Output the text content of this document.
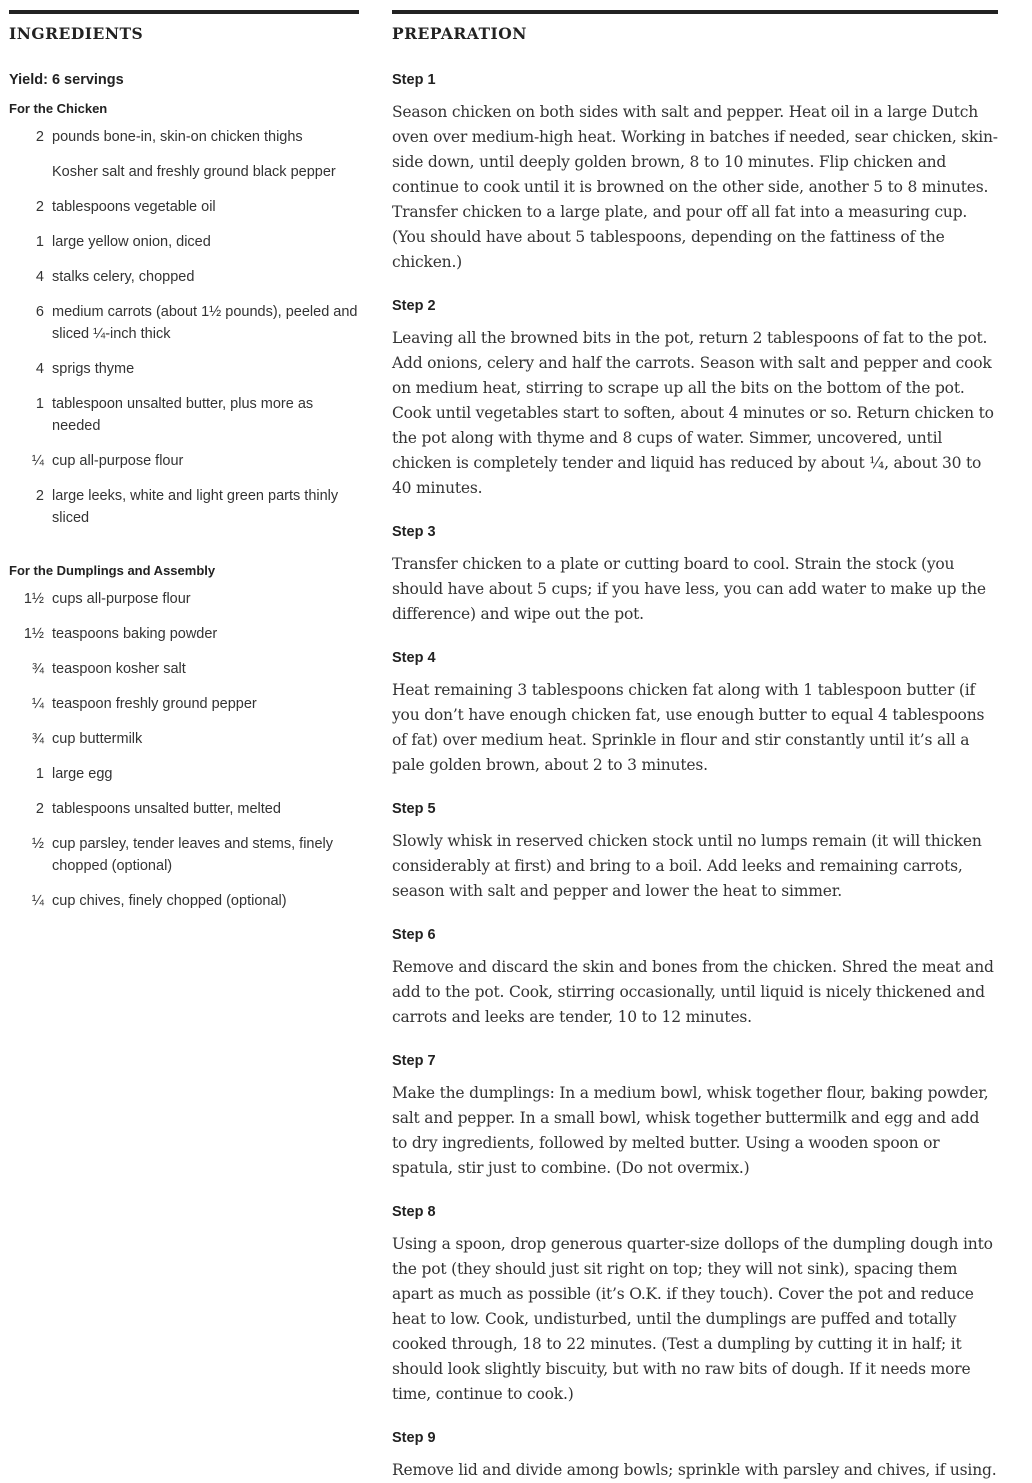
INGREDIENTS
Yield: 6 servings
For the Chicken
2 pounds bone-in, skin-on chicken thighs
Kosher salt and freshly ground black pepper
2 tablespoons vegetable oil
1 large yellow onion, diced
4 stalks celery, chopped
6 medium carrots (about 1½ pounds), peeled and sliced ¼-inch thick
4 sprigs thyme
1 tablespoon unsalted butter, plus more as needed
¼ cup all-purpose flour
2 large leeks, white and light green parts thinly sliced
For the Dumplings and Assembly
1½ cups all-purpose flour
1½ teaspoons baking powder
¾ teaspoon kosher salt
¼ teaspoon freshly ground pepper
¾ cup buttermilk
1 large egg
2 tablespoons unsalted butter, melted
½ cup parsley, tender leaves and stems, finely chopped (optional)
¼ cup chives, finely chopped (optional)
PREPARATION
Step 1

Season chicken on both sides with salt and pepper. Heat oil in a large Dutch oven over medium-high heat. Working in batches if needed, sear chicken, skin-side down, until deeply golden brown, 8 to 10 minutes. Flip chicken and continue to cook until it is browned on the other side, another 5 to 8 minutes. Transfer chicken to a large plate, and pour off all fat into a measuring cup. (You should have about 5 tablespoons, depending on the fattiness of the chicken.)

Step 2

Leaving all the browned bits in the pot, return 2 tablespoons of fat to the pot. Add onions, celery and half the carrots. Season with salt and pepper and cook on medium heat, stirring to scrape up all the bits on the bottom of the pot. Cook until vegetables start to soften, about 4 minutes or so. Return chicken to the pot along with thyme and 8 cups of water. Simmer, uncovered, until chicken is completely tender and liquid has reduced by about ¼, about 30 to 40 minutes.

Step 3

Transfer chicken to a plate or cutting board to cool. Strain the stock (you should have about 5 cups; if you have less, you can add water to make up the difference) and wipe out the pot.

Step 4

Heat remaining 3 tablespoons chicken fat along with 1 tablespoon butter (if you don’t have enough chicken fat, use enough butter to equal 4 tablespoons of fat) over medium heat. Sprinkle in flour and stir constantly until it’s all a pale golden brown, about 2 to 3 minutes.

Step 5

Slowly whisk in reserved chicken stock until no lumps remain (it will thicken considerably at first) and bring to a boil. Add leeks and remaining carrots, season with salt and pepper and lower the heat to simmer.

Step 6

Remove and discard the skin and bones from the chicken. Shred the meat and add to the pot. Cook, stirring occasionally, until liquid is nicely thickened and carrots and leeks are tender, 10 to 12 minutes.

Step 7

Make the dumplings: In a medium bowl, whisk together flour, baking powder, salt and pepper. In a small bowl, whisk together buttermilk and egg and add to dry ingredients, followed by melted butter. Using a wooden spoon or spatula, stir just to combine. (Do not overmix.)

Step 8

Using a spoon, drop generous quarter-size dollops of the dumpling dough into the pot (they should just sit right on top; they will not sink), spacing them apart as much as possible (it’s O.K. if they touch). Cover the pot and reduce heat to low. Cook, undisturbed, until the dumplings are puffed and totally cooked through, 18 to 22 minutes. (Test a dumpling by cutting it in half; it should look slightly biscuity, but with no raw bits of dough. If it needs more time, continue to cook.)

Step 9

Remove lid and divide among bowls; sprinkle with parsley and chives, if using.
